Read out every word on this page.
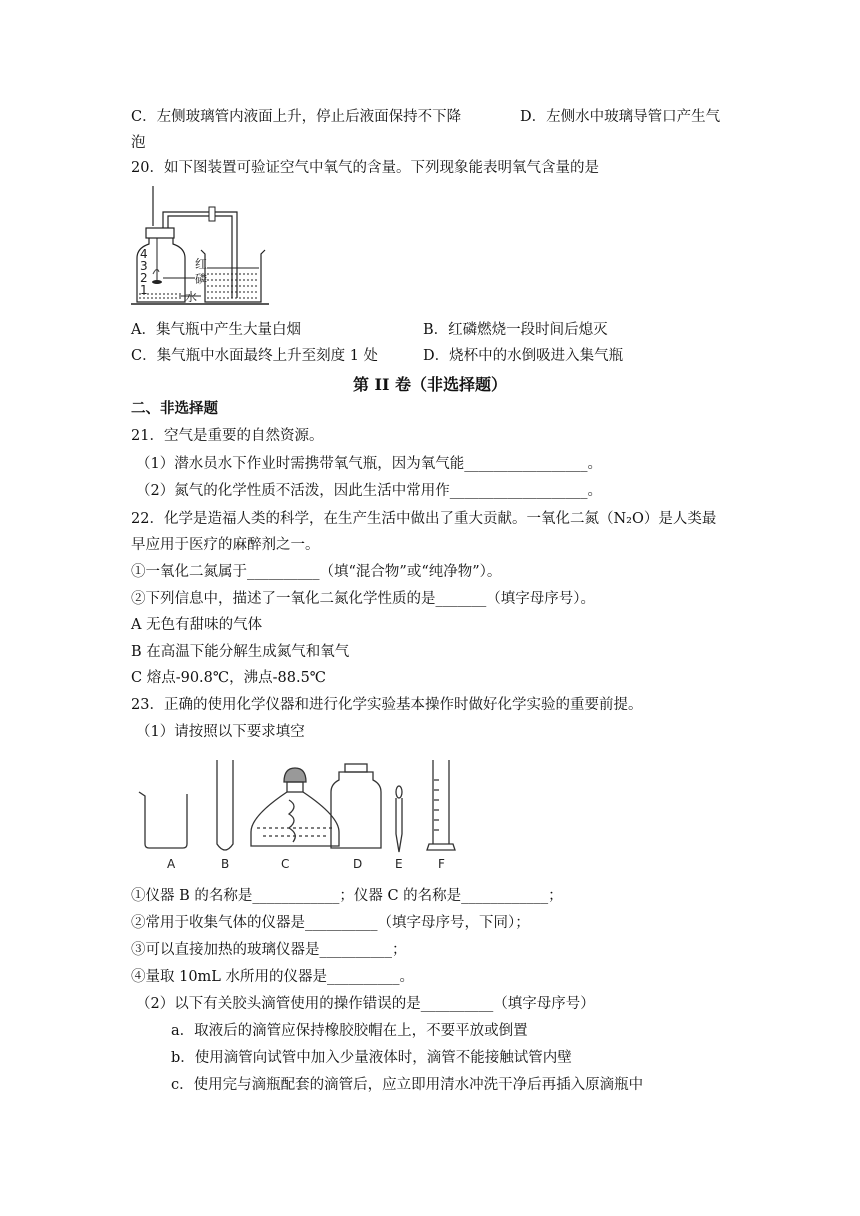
C．左侧玻璃管内液面上升，停止后液面保持不下降	D．左侧水中玻璃导管口产生气
泡
20．如下图装置可验证空气中氧气的含量。下列现象能表明氧气含量的是
4
3
2
1
红
磷
水
A．集气瓶中产生大量白烟	B．红磷燃烧一段时间后熄灭
C．集气瓶中水面最终上升至刻度 1 处	D．烧杯中的水倒吸进入集气瓶
第 II 卷（非选择题）
二、非选择题
21．空气是重要的自然资源。
（1）潜水员水下作业时需携带氧气瓶，因为氧气能_________________。
（2）氮气的化学性质不活泼，因此生活中常用作___________________。
22．化学是造福人类的科学，在生产生活中做出了重大贡献。一氧化二氮（N₂O）是人类最
早应用于医疗的麻醉剂之一。
①一氧化二氮属于__________（填“混合物”或“纯净物”）。
②下列信息中，描述了一氧化二氮化学性质的是_______（填字母序号）。
A 无色有甜味的气体
B 在高温下能分解生成氮气和氧气
C 熔点-90.8℃，沸点-88.5℃
23．正确的使用化学仪器和进行化学实验基本操作时做好化学实验的重要前提。
（1）请按照以下要求填空
A	B	C	D	E	F
①仪器 B 的名称是____________；仪器 C 的名称是____________；
②常用于收集气体的仪器是__________（填字母序号，下同）；
③可以直接加热的玻璃仪器是__________；
④量取 10mL 水所用的仪器是__________。
（2）以下有关胶头滴管使用的操作错误的是__________（填字母序号）
a．取液后的滴管应保持橡胶胶帽在上，不要平放或倒置
b．使用滴管向试管中加入少量液体时，滴管不能接触试管内壁
c．使用完与滴瓶配套的滴管后，应立即用清水冲洗干净后再插入原滴瓶中
